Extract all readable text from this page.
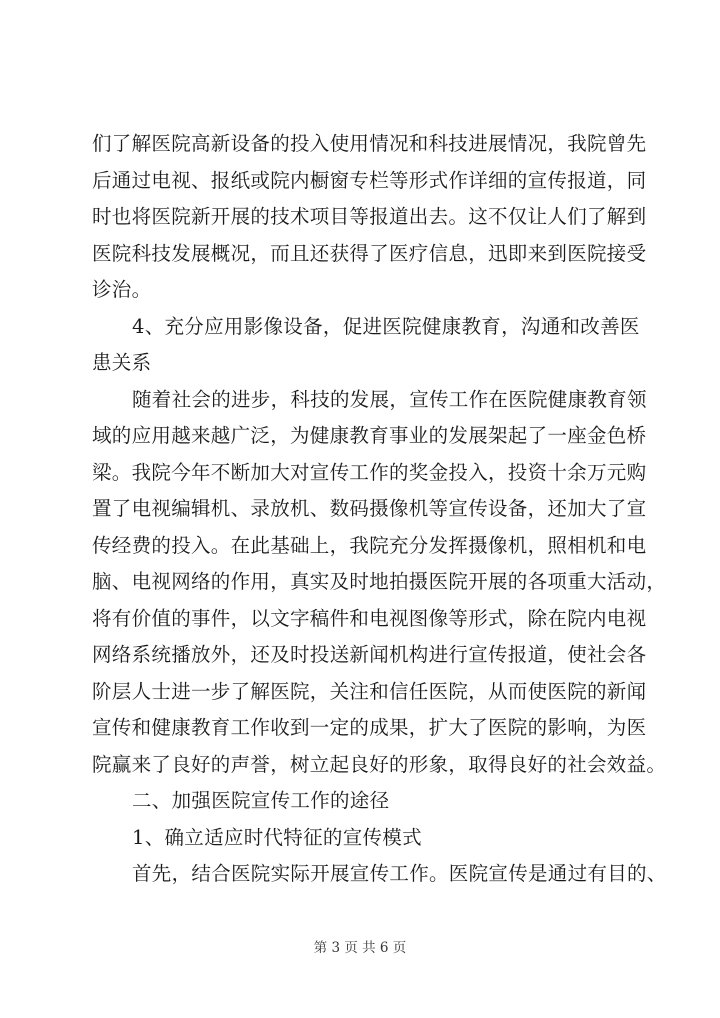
们了解医院高新设备的投入使用情况和科技进展情况，我院曾先
后通过电视、报纸或院内橱窗专栏等形式作详细的宣传报道，同
时也将医院新开展的技术项目等报道出去。这不仅让人们了解到
医院科技发展概况，而且还获得了医疗信息，迅即来到医院接受
诊治。
4、充分应用影像设备，促进医院健康教育，沟通和改善医
患关系
随着社会的进步，科技的发展，宣传工作在医院健康教育领
域的应用越来越广泛，为健康教育事业的发展架起了一座金色桥
梁。我院今年不断加大对宣传工作的奖金投入，投资十余万元购
置了电视编辑机、录放机、数码摄像机等宣传设备，还加大了宣
传经费的投入。在此基础上，我院充分发挥摄像机，照相机和电
脑、电视网络的作用，真实及时地拍摄医院开展的各项重大活动，
将有价值的事件，以文字稿件和电视图像等形式，除在院内电视
网络系统播放外，还及时投送新闻机构进行宣传报道，使社会各
阶层人士进一步了解医院，关注和信任医院，从而使医院的新闻
宣传和健康教育工作收到一定的成果，扩大了医院的影响，为医
院赢来了良好的声誉，树立起良好的形象，取得良好的社会效益。
二、加强医院宣传工作的途径
1、确立适应时代特征的宣传模式
首先，结合医院实际开展宣传工作。医院宣传是通过有目的、
第 3 页 共 6 页
